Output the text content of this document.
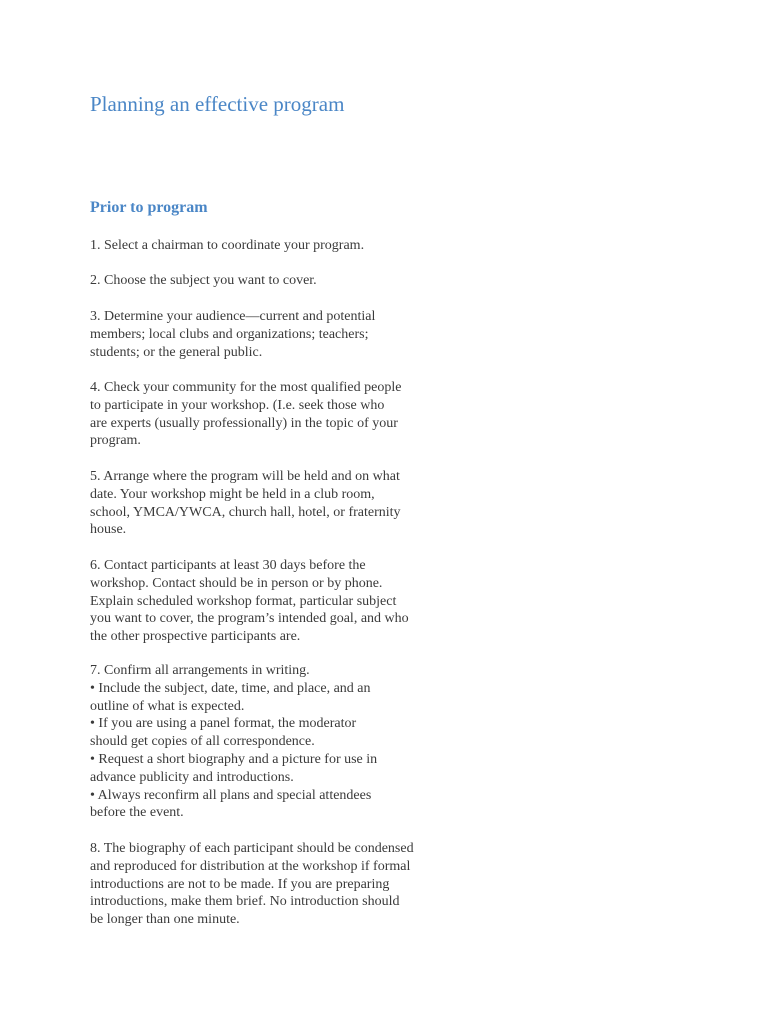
Planning an effective program
Prior to program

1. Select a chairman to coordinate your program.

2. Choose the subject you want to cover.

3. Determine your audience—current and potential
members; local clubs and organizations; teachers;
students; or the general public.

4. Check your community for the most qualified people
to participate in your workshop. (I.e. seek those who
are experts (usually professionally) in the topic of your
program.

5. Arrange where the program will be held and on what
date. Your workshop might be held in a club room,
school, YMCA/YWCA, church hall, hotel, or fraternity
house.

6. Contact participants at least 30 days before the
workshop. Contact should be in person or by phone.
Explain scheduled workshop format, particular subject
you want to cover, the program’s intended goal, and who
the other prospective participants are.

7. Confirm all arrangements in writing.
• Include the subject, date, time, and place, and an
outline of what is expected.
• If you are using a panel format, the moderator
should get copies of all correspondence.
• Request a short biography and a picture for use in
advance publicity and introductions.
• Always reconfirm all plans and special attendees
before the event.

8. The biography of each participant should be condensed
and reproduced for distribution at the workshop if formal
introductions are not to be made. If you are preparing
introductions, make them brief. No introduction should
be longer than one minute.
